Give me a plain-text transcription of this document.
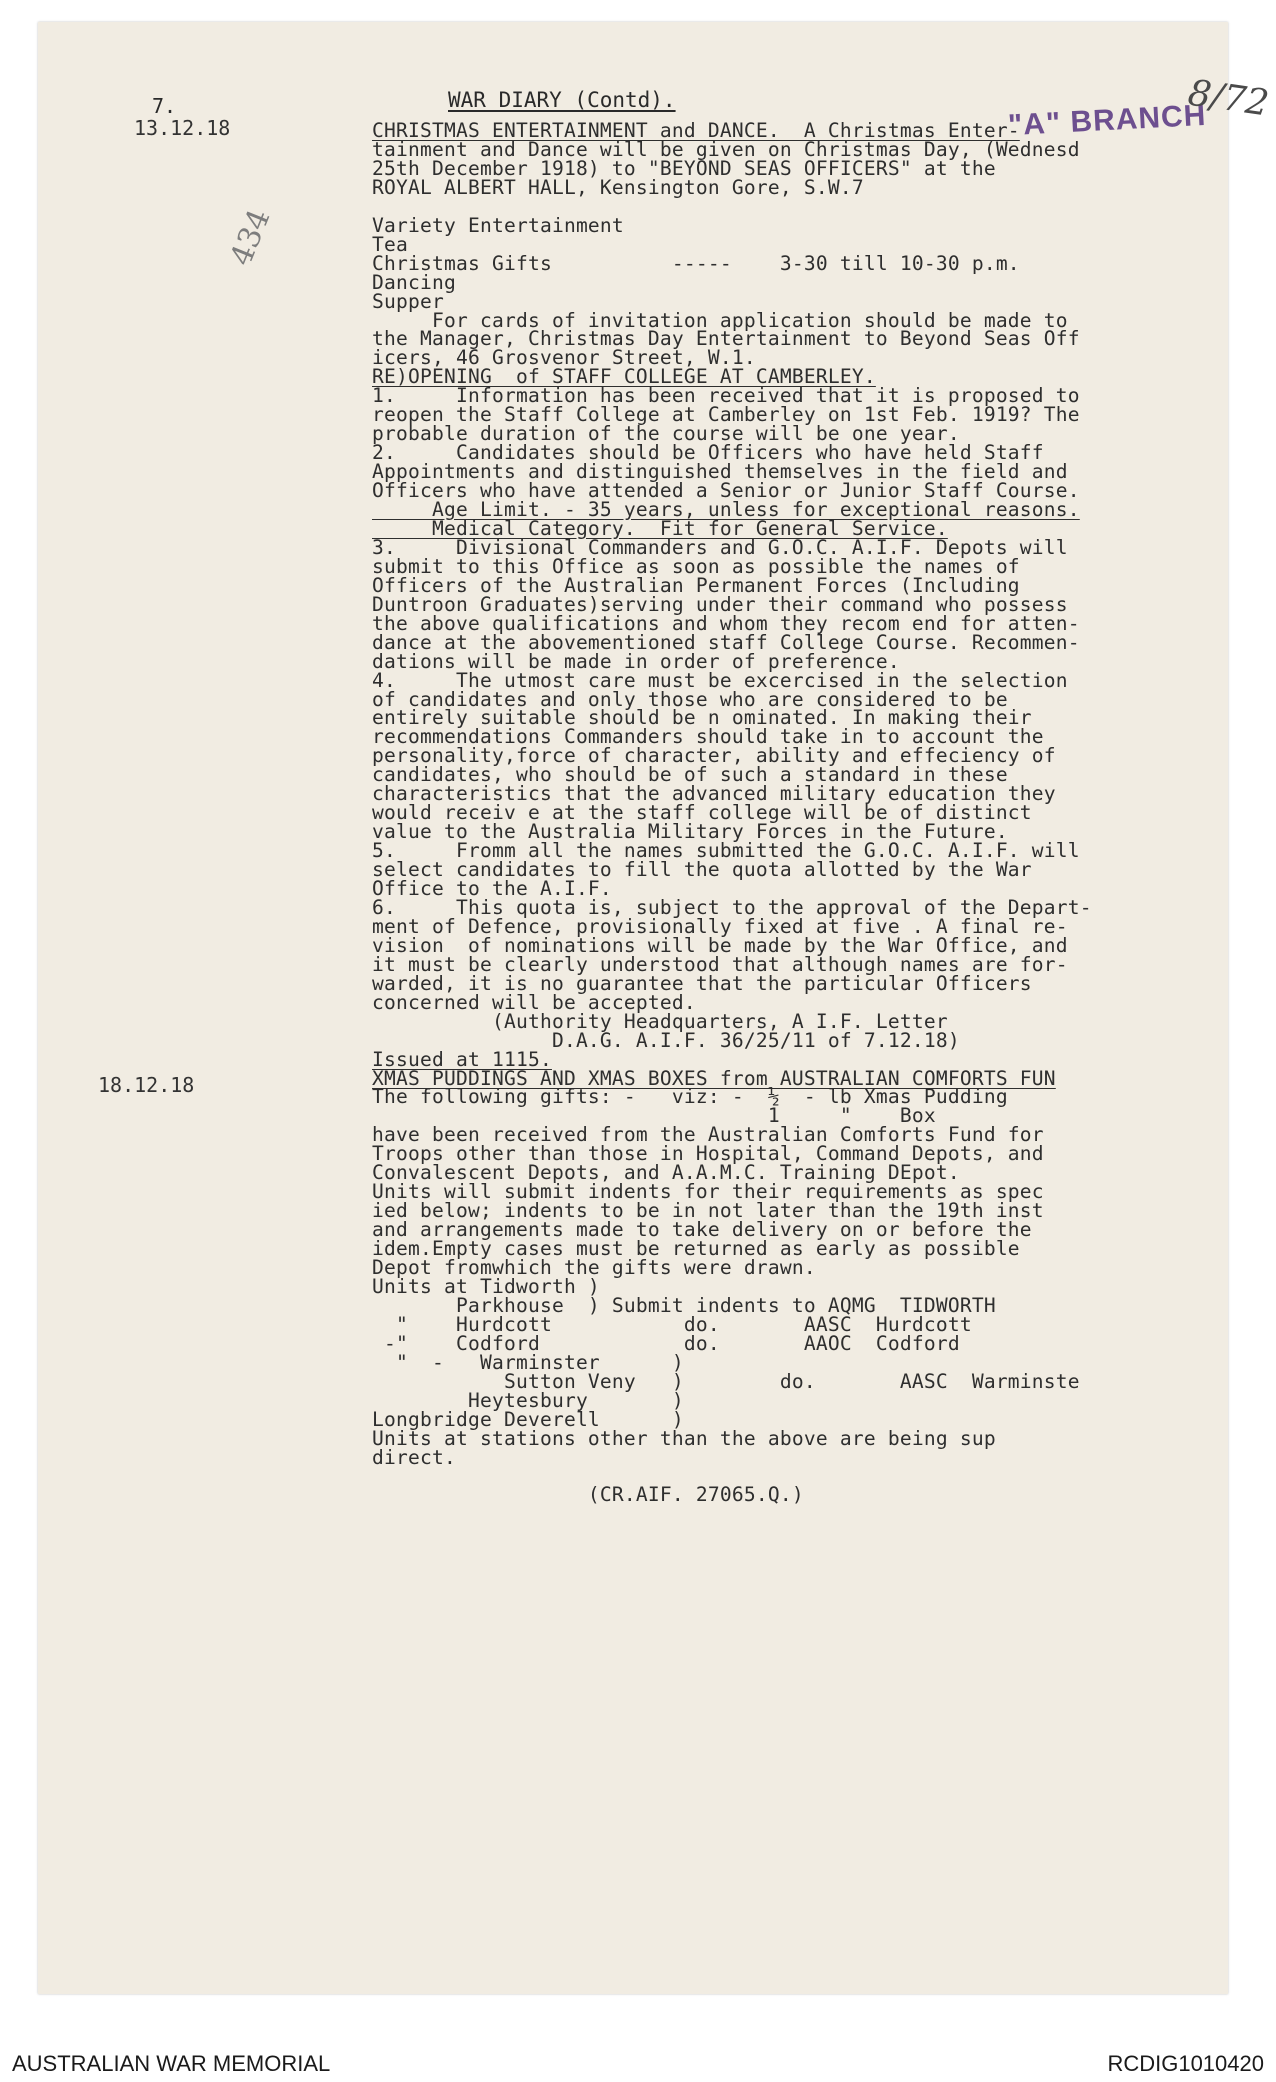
7.	WAR DIARY (Contd).	"A" BRANCH
8/72
434
13.12.18
18.12.18
CHRISTMAS ENTERTAINMENT and DANCE.  A Christmas Enter-
tainment and Dance will be given on Christmas Day, (Wednesd
25th December 1918) to "BEYOND SEAS OFFICERS" at the
ROYAL ALBERT HALL, Kensington Gore, S.W.7
Variety Entertainment
Tea
Christmas Gifts          -----    3-30 till 10-30 p.m.
Dancing
Supper
For cards of invitation application should be made to
the Manager, Christmas Day Entertainment to Beyond Seas Off
icers, 46 Grosvenor Street, W.1.
RE)OPENING  of STAFF COLLEGE AT CAMBERLEY.
1.     Information has been received that it is proposed to
reopen the Staff College at Camberley on 1st Feb. 1919? The
probable duration of the course will be one year.
2.     Candidates should be Officers who have held Staff
Appointments and distinguished themselves in the field and
Officers who have attended a Senior or Junior Staff Course.
Age Limit. - 35 years, unless for exceptional reasons.
Medical Category.  Fit for General Service.
3.     Divisional Commanders and G.O.C. A.I.F. Depots will
submit to this Office as soon as possible the names of
Officers of the Australian Permanent Forces (Including
Duntroon Graduates)serving under their command who possess
the above qualifications and whom they recom end for atten-
dance at the abovementioned staff College Course. Recommen-
dations will be made in order of preference.
4.     The utmost care must be excercised in the selection
of candidates and only those who are considered to be
entirely suitable should be n ominated. In making their
recommendations Commanders should take in to account the
personality,force of character, ability and effeciency of
candidates, who should be of such a standard in these
characteristics that the advanced military education they
would receiv e at the staff college will be of distinct
value to the Australia Military Forces in the Future.
5.     Fromm all the names submitted the G.O.C. A.I.F. will
select candidates to fill the quota allotted by the War
Office to the A.I.F.
6.     This quota is, subject to the approval of the Depart-
ment of Defence, provisionally fixed at five . A final re-
vision  of nominations will be made by the War Office, and
it must be clearly understood that although names are for-
warded, it is no guarantee that the particular Officers
concerned will be accepted.
(Authority Headquarters, A I.F. Letter
D.A.G. A.I.F. 36/25/11 of 7.12.18)
Issued at 1115.
XMAS PUDDINGS AND XMAS BOXES from AUSTRALIAN COMFORTS FUN
The following gifts: -   viz: -  ½  - lb Xmas Pudding
1     "    Box
have been received from the Australian Comforts Fund for
Troops other than those in Hospital, Command Depots, and
Convalescent Depots, and A.A.M.C. Training DEpot.
Units will submit indents for their requirements as spec
ied below; indents to be in not later than the 19th inst
and arrangements made to take delivery on or before the
idem.Empty cases must be returned as early as possible
Depot fromwhich the gifts were drawn.
Units at Tidworth )
Parkhouse  ) Submit indents to AQMG  TIDWORTH
"    Hurdcott           do.       AASC  Hurdcott
-"    Codford            do.       AAOC  Codford
"  -   Warminster      )
Sutton Veny   )        do.       AASC  Warminste
Heytesbury       )
Longbridge Deverell      )
Units at stations other than the above are being sup
direct.
(CR.AIF. 27065.Q.)
AUSTRALIAN WAR MEMORIAL	RCDIG1010420
